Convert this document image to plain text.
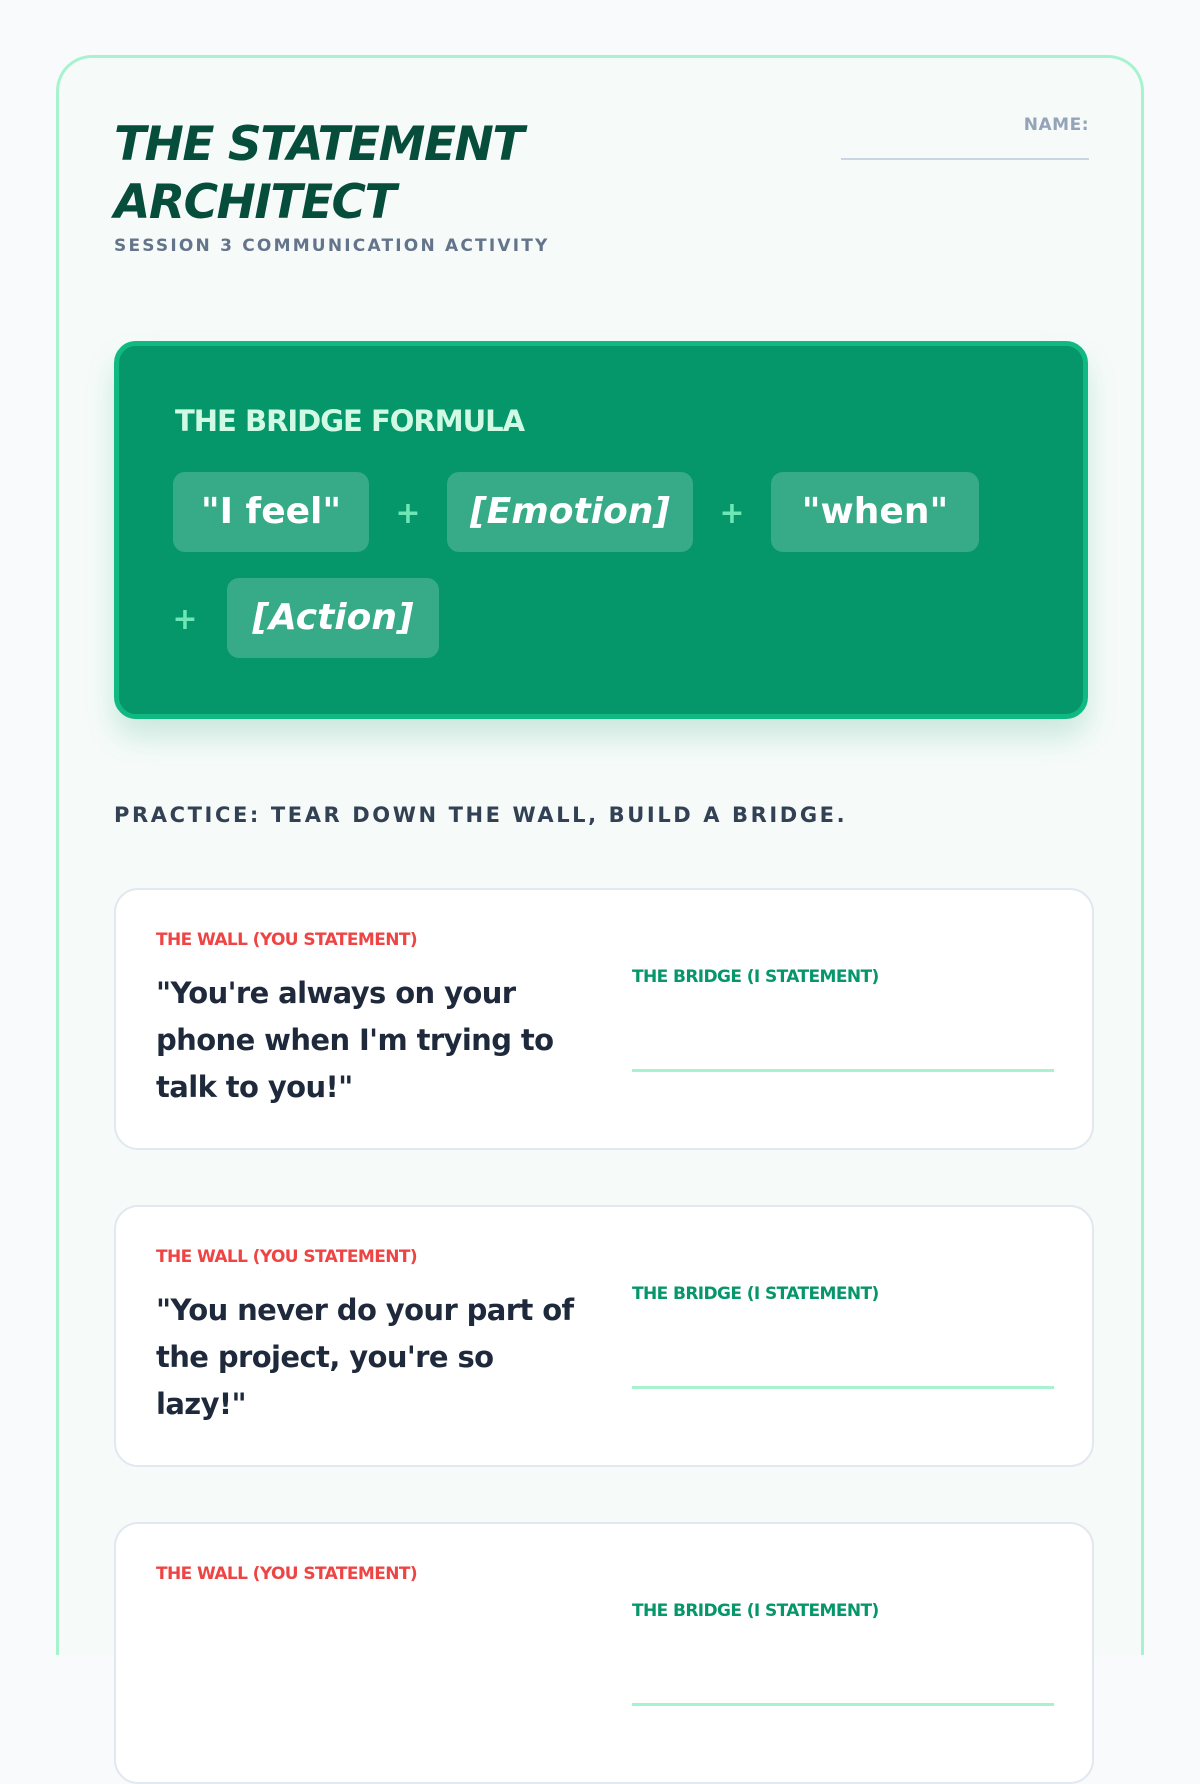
THE STATEMENT ARCHITECT
SESSION 3 COMMUNICATION ACTIVITY
NAME:
THE BRIDGE FORMULA
"I feel"	+	[Emotion]	+	"when"
+	[Action]
PRACTICE: TEAR DOWN THE WALL, BUILD A BRIDGE.
THE WALL (YOU STATEMENT)

"You're always on your phone when I'm trying to talk to you!"

THE BRIDGE (I STATEMENT)
THE WALL (YOU STATEMENT)

"You never do your part of the project, you're so lazy!"

THE BRIDGE (I STATEMENT)
THE WALL (YOU STATEMENT)

THE BRIDGE (I STATEMENT)
